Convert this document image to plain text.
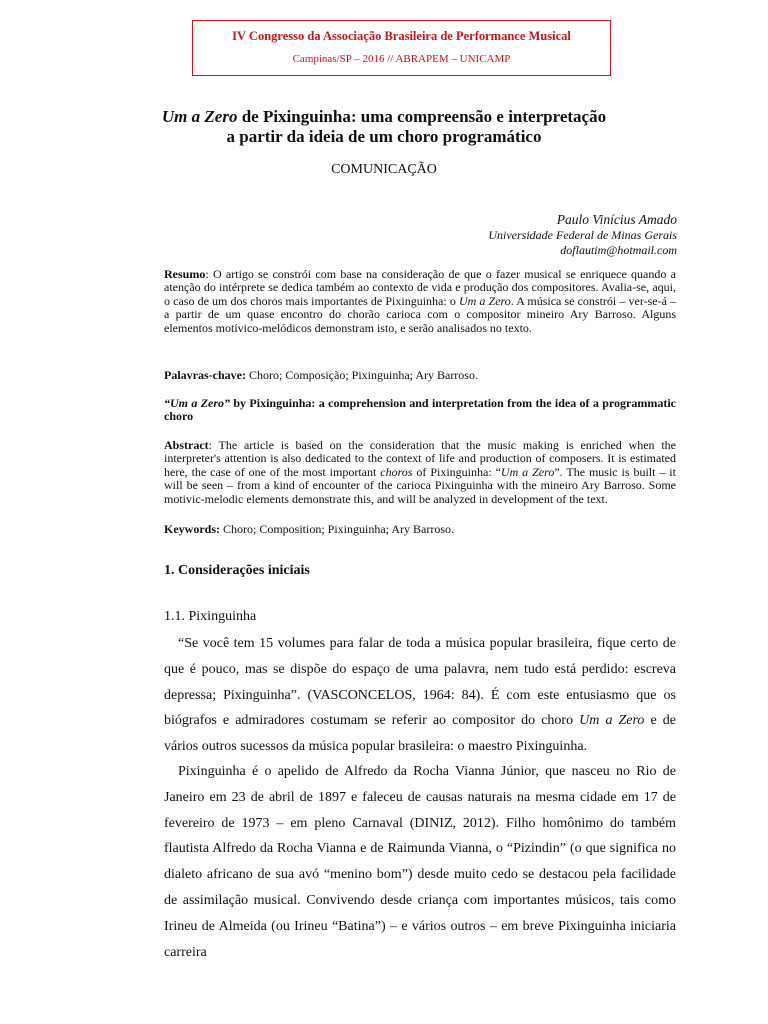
IV Congresso da Associação Brasileira de Performance Musical
Campinas/SP – 2016 // ABRAPEM – UNICAMP
Um a Zero de Pixinguinha: uma compreensão e interpretação
a partir da ideia de um choro programático
COMUNICAÇÃO
Paulo Vinícius Amado
Universidade Federal de Minas Gerais
doflautim@hotmail.com
Resumo: O artigo se constrói com base na consideração de que o fazer musical se enriquece quando a atenção do intérprete se dedica também ao contexto de vida e produção dos compositores. Avalia-se, aqui, o caso de um dos choros mais importantes de Pixinguinha: o Um a Zero. A música se constrói – ver-se-á – a partir de um quase encontro do chorão carioca com o compositor mineiro Ary Barroso. Alguns elementos motívico-melódicos demonstram isto, e serão analisados no texto.
Palavras-chave: Choro; Composição; Pixinguinha; Ary Barroso.
“Um a Zero” by Pixinguinha: a comprehension and interpretation from the idea of a programmatic choro
Abstract: The article is based on the consideration that the music making is enriched when the interpreter's attention is also dedicated to the context of life and production of composers. It is estimated here, the case of one of the most important choros of Pixinguinha: “Um a Zero”. The music is built – it will be seen – from a kind of encounter of the carioca Pixinguinha with the mineiro Ary Barroso. Some motivic-melodic elements demonstrate this, and will be analyzed in development of the text.
Keywords: Choro; Composition; Pixinguinha; Ary Barroso.
1. Considerações iniciais
1.1. Pixinguinha
“Se você tem 15 volumes para falar de toda a música popular brasileira, fique certo de que é pouco, mas se dispõe do espaço de uma palavra, nem tudo está perdido: escreva depressa; Pixinguinha”. (VASCONCELOS, 1964: 84). É com este entusiasmo que os biógrafos e admiradores costumam se referir ao compositor do choro Um a Zero e de vários outros sucessos da música popular brasileira: o maestro Pixinguinha.
Pixinguinha é o apelido de Alfredo da Rocha Vianna Júnior, que nasceu no Rio de Janeiro em 23 de abril de 1897 e faleceu de causas naturais na mesma cidade em 17 de fevereiro de 1973 – em pleno Carnaval (DINIZ, 2012). Filho homônimo do também flautista Alfredo da Rocha Vianna e de Raimunda Vianna, o “Pizindin” (o que significa no dialeto africano de sua avó “menino bom”) desde muito cedo se destacou pela facilidade de assimilação musical. Convivendo desde criança com importantes músicos, tais como Irineu de Almeida (ou Irineu “Batina”) – e vários outros – em breve Pixinguinha iniciaria carreira
